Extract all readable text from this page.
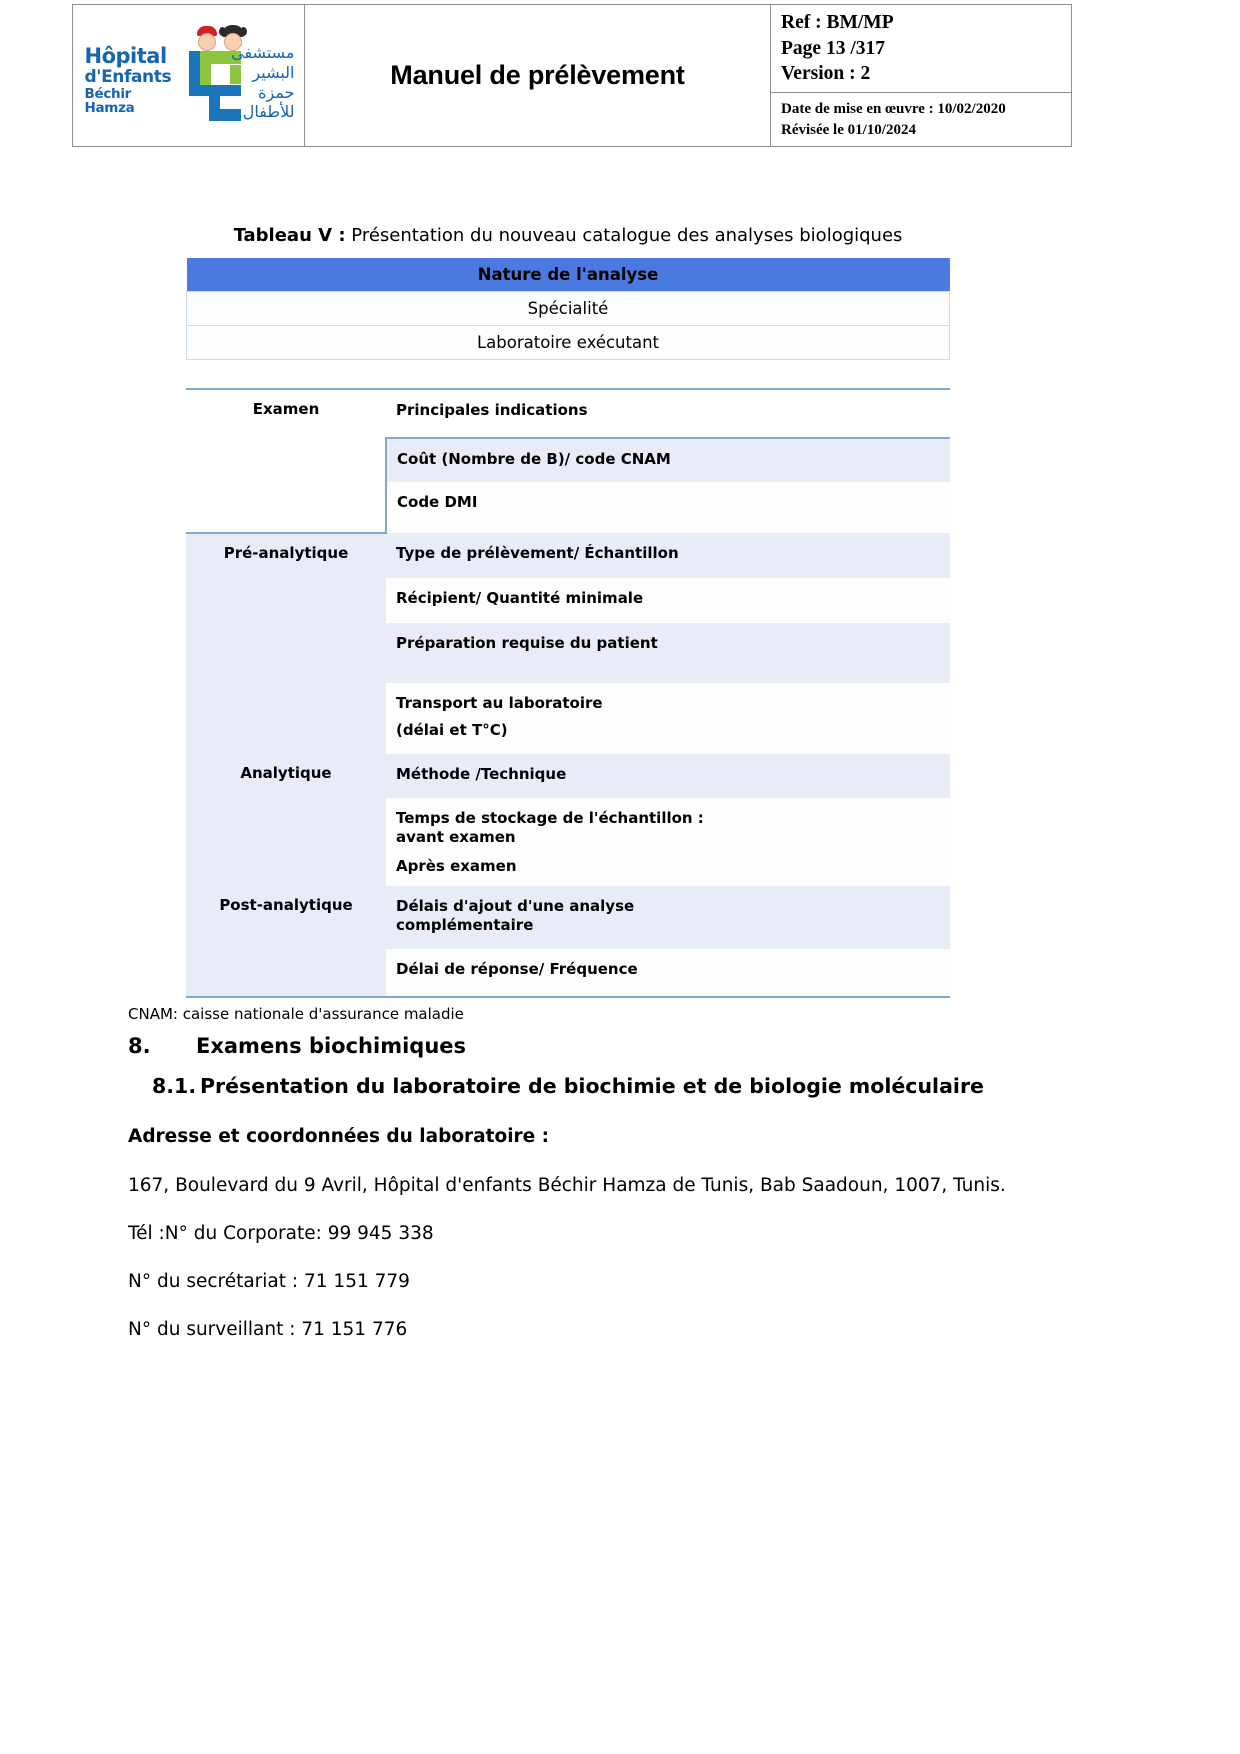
Hôpital
d'Enfants
Béchir Hamza
مستشفى
البشير حمزة
للأطفال
Manuel de prélèvement
Ref : BM/MP
Page 13 /317
Version : 2
Date de mise en œuvre : 10/02/2020
Révisée le 01/10/2024
Tableau V : Présentation du nouveau catalogue des analyses biologiques
Nature de l'analyse
Spécialité
Laboratoire exécutant
Examen	Principales indications

	Coût (Nombre de B)/ code CNAM

	Code DMI

Pré-analytique	Type de prélèvement/ Échantillon

	Récipient/ Quantité minimale

	Préparation requise du patient

	Transport au laboratoire
(délai et T°C)

Analytique	Méthode /Technique

	Temps de stockage de l'échantillon :
avant examen
Après examen

Post-analytique	Délais d'ajout d'une analyse
complémentaire

	Délai de réponse/ Fréquence
CNAM: caisse nationale d'assurance maladie
8.	Examens biochimiques
8.1. Présentation du laboratoire de biochimie et de biologie moléculaire
Adresse et coordonnées du laboratoire :
167, Boulevard du 9 Avril, Hôpital d'enfants Béchir Hamza de Tunis, Bab Saadoun, 1007, Tunis.
Tél :N° du Corporate: 99 945 338
N° du secrétariat : 71 151 779
N° du surveillant : 71 151 776
